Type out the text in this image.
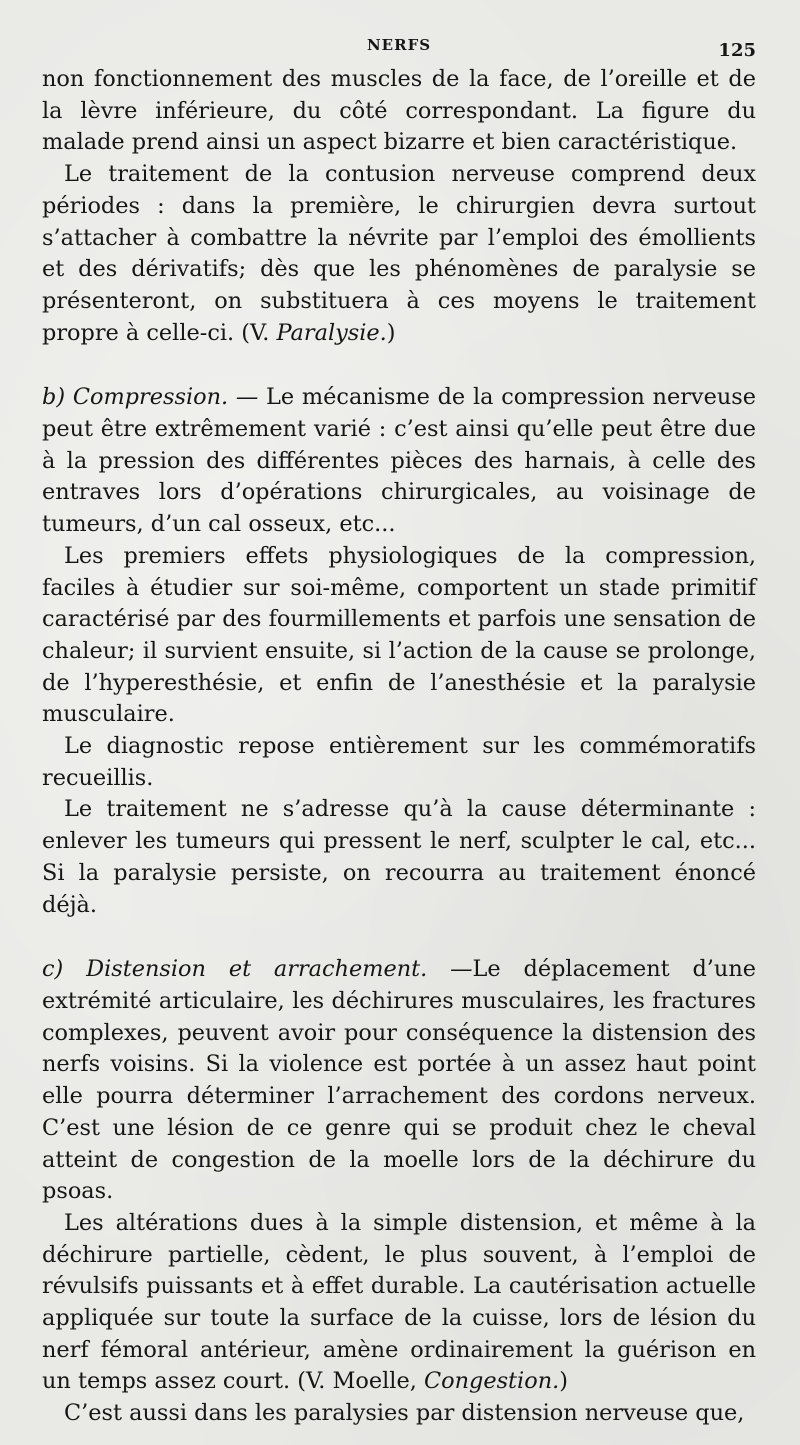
NERFS	125

non fonctionnement des muscles de la face, de l’oreille et de la lèvre inférieure, du côté correspondant. La figure du malade prend ainsi un aspect bizarre et bien caractéristique.

Le traitement de la contusion nerveuse comprend deux périodes : dans la première, le chirurgien devra surtout s’attacher à combattre la névrite par l’emploi des émollients et des dérivatifs; dès que les phénomènes de paralysie se présenteront, on substituera à ces moyens le traitement propre à celle-ci. (V. Paralysie.)

b) Compression. — Le mécanisme de la compression nerveuse peut être extrêmement varié : c’est ainsi qu’elle peut être due à la pression des différentes pièces des harnais, à celle des entraves lors d’opérations chirurgicales, au voisinage de tumeurs, d’un cal osseux, etc...

Les premiers effets physiologiques de la compression, faciles à étudier sur soi-même, comportent un stade primitif caractérisé par des fourmillements et parfois une sensation de chaleur; il survient ensuite, si l’action de la cause se prolonge, de l’hyperesthésie, et enfin de l’anesthésie et la paralysie musculaire.

Le diagnostic repose entièrement sur les commémoratifs recueillis.

Le traitement ne s’adresse qu’à la cause déterminante : enlever les tumeurs qui pressent le nerf, sculpter le cal, etc... Si la paralysie persiste, on recourra au traitement énoncé déjà.

c) Distension et arrachement. —Le déplacement d’une extrémité articulaire, les déchirures musculaires, les fractures complexes, peuvent avoir pour conséquence la distension des nerfs voisins. Si la violence est portée à un assez haut point elle pourra déterminer l’arrachement des cordons nerveux. C’est une lésion de ce genre qui se produit chez le cheval atteint de congestion de la moelle lors de la déchirure du psoas.

Les altérations dues à la simple distension, et même à la déchirure partielle, cèdent, le plus souvent, à l’emploi de révulsifs puissants et à effet durable. La cautérisation actuelle appliquée sur toute la surface de la cuisse, lors de lésion du nerf fémoral antérieur, amène ordinairement la guérison en un temps assez court. (V. Moelle, Congestion.)

C’est aussi dans les paralysies par distension nerveuse que,
